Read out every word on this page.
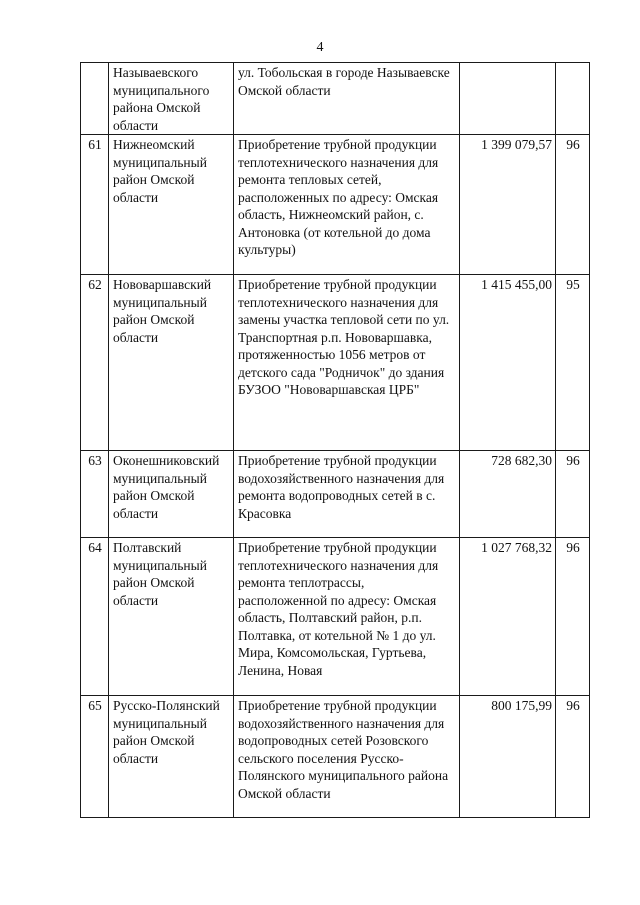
4
	Называевского муниципального района Омской области	ул. Тобольская в городе Называевске Омской области		
61	Нижнеомский муниципальный район Омской области	Приобретение трубной продукции теплотехнического назначения для ремонта тепловых сетей, расположенных по адресу: Омская область, Нижнеомский район, с. Антоновка (от котельной до дома культуры)	1 399 079,57	96
62	Нововаршавский муниципальный район Омской области	Приобретение трубной продукции теплотехнического назначения для замены участка тепловой сети по ул. Транспортная р.п. Нововаршавка, протяженностью 1056 метров от детского сада "Родничок" до здания БУЗОО "Нововаршавская ЦРБ"	1 415 455,00	95
63	Оконешниковский муниципальный район Омской области	Приобретение трубной продукции водохозяйственного назначения для ремонта водопроводных сетей в с. Красовка	728 682,30	96
64	Полтавский муниципальный район Омской области	Приобретение трубной продукции теплотехнического назначения для ремонта теплотрассы, расположенной по адресу: Омская область, Полтавский район, р.п. Полтавка, от котельной № 1 до ул. Мира, Комсомольская, Гуртьева, Ленина, Новая	1 027 768,32	96
65	Русско-Полянский муниципальный район Омской области	Приобретение трубной продукции водохозяйственного назначения для водопроводных сетей Розовского сельского поселения Русско-Полянского муниципального района Омской области	800 175,99	96
